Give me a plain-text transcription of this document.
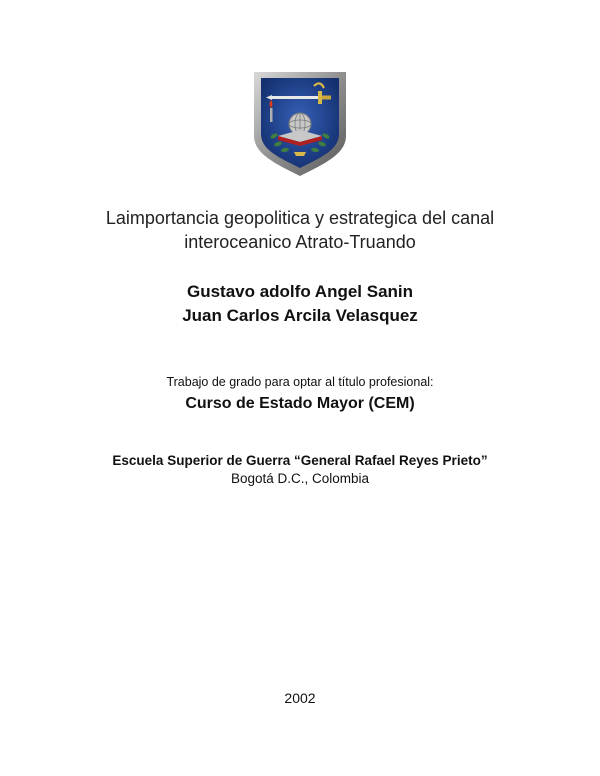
Laimportancia geopolitica y estrategica del canal
interoceanico Atrato-Truando
Gustavo adolfo Angel Sanin
Juan Carlos Arcila Velasquez
Trabajo de grado para optar al título profesional:
Curso de Estado Mayor (CEM)
Escuela Superior de Guerra “General Rafael Reyes Prieto”
Bogotá D.C., Colombia
2002
